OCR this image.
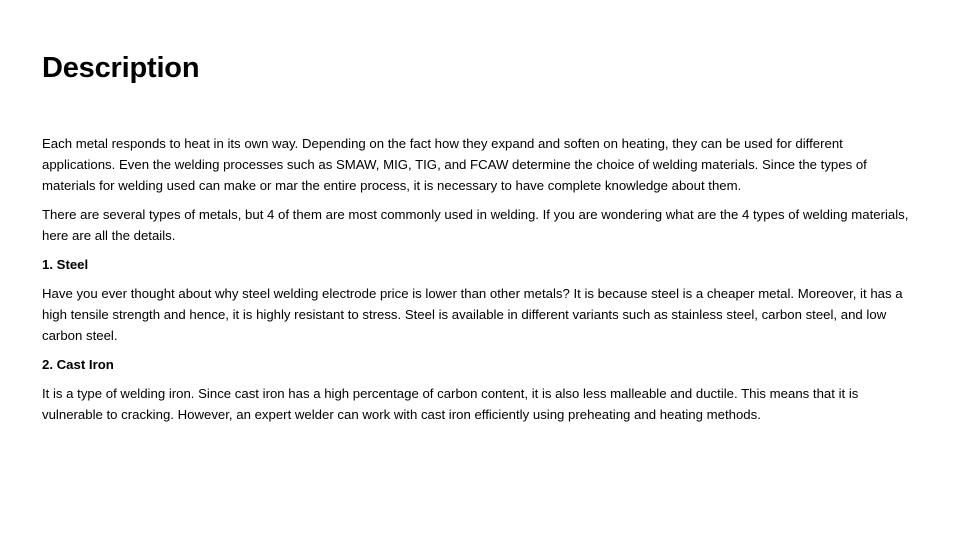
Description

Each metal responds to heat in its own way. Depending on the fact how they expand and soften on heating, they can be used for different applications. Even the welding processes such as SMAW, MIG, TIG, and FCAW determine the choice of welding materials. Since the types of materials for welding used can make or mar the entire process, it is necessary to have complete knowledge about them.

There are several types of metals, but 4 of them are most commonly used in welding. If you are wondering what are the 4 types of welding materials, here are all the details.

1. Steel

Have you ever thought about why steel welding electrode price is lower than other metals? It is because steel is a cheaper metal. Moreover, it has a high tensile strength and hence, it is highly resistant to stress. Steel is available in different variants such as stainless steel, carbon steel, and low carbon steel.

2. Cast Iron

It is a type of welding iron. Since cast iron has a high percentage of carbon content, it is also less malleable and ductile. This means that it is vulnerable to cracking. However, an expert welder can work with cast iron efficiently using preheating and heating methods.
